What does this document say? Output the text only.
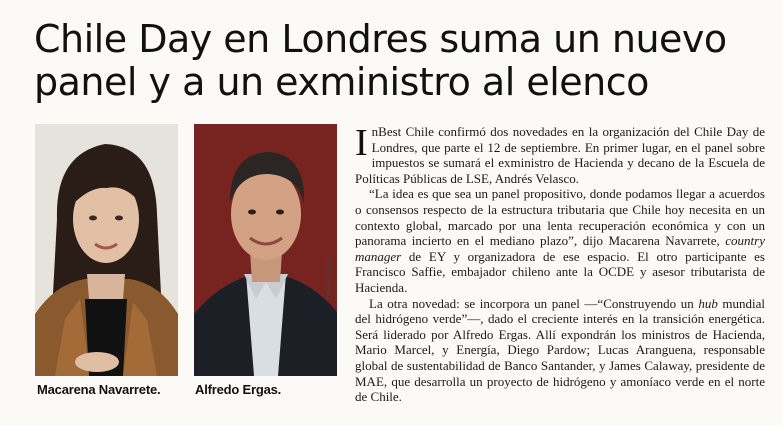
Chile Day en Londres suma un nuevo panel y a un exministro al elenco
YASNA KELLY
Macarena Navarrete.	Alfredo Ergas.

InBest Chile confirmó dos novedades en la organización del Chile Day de Londres, que parte el 12 de septiembre. En primer lugar, en el panel sobre impuestos se sumará el exministro de Hacienda y decano de la Escuela de Políticas Públicas de LSE, Andrés Velasco.

“La idea es que sea un panel propositivo, donde podamos llegar a acuerdos o consensos respecto de la estructura tributaria que Chile hoy necesita en un contexto global, marcado por una lenta recuperación económica y con un panorama incierto en el mediano plazo”, dijo Macarena Navarrete, country manager de EY y organizadora de ese espacio. El otro participante es Francisco Saffie, embajador chileno ante la OCDE y asesor tributarista de Hacienda.

La otra novedad: se incorpora un panel —“Construyendo un hub mundial del hidrógeno verde”—, dado el creciente interés en la transición energética. Será liderado por Alfredo Ergas. Allí expondrán los ministros de Hacienda, Mario Marcel, y Energía, Diego Pardow; Lucas Aranguena, responsable global de sustentabilidad de Banco Santander, y James Calaway, presidente de MAE, que desarrolla un proyecto de hidrógeno y amoníaco verde en el norte de Chile.
